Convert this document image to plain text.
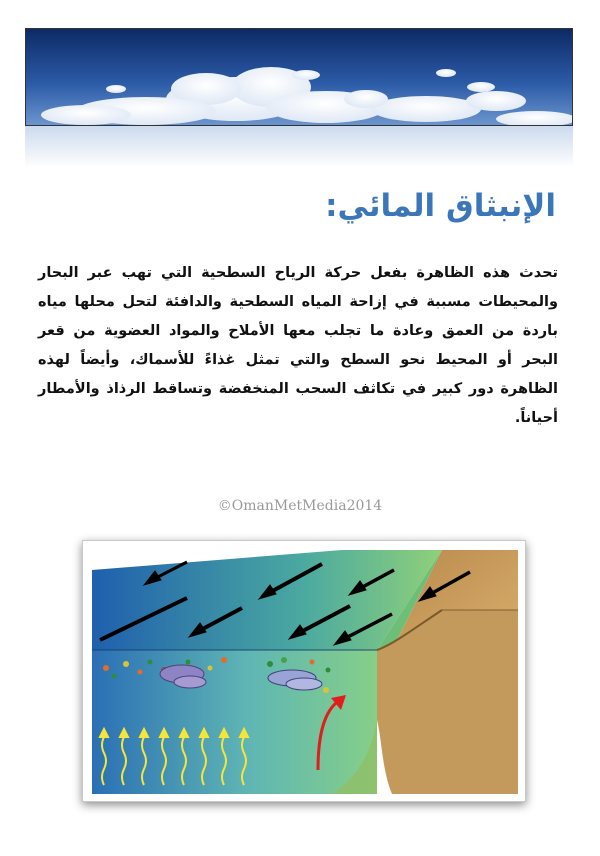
الإنبثاق المائي:

تحدث هذه الظاهرة بفعل حركة الرياح السطحية التي تهب عبر البحار والمحيطات مسببة في إزاحة المياه السطحية والدافئة لتحل محلها مياه باردة من العمق وعادة ما تجلب معها الأملاح والمواد العضوية من قعر البحر أو المحيط نحو السطح والتي تمثل غذاءً للأسماك، وأيضاً لهذه الظاهرة دور كبير في تكاثف السحب المنخفضة وتساقط الرذاذ والأمطار أحياناً.

©OmanMetMedia2014
